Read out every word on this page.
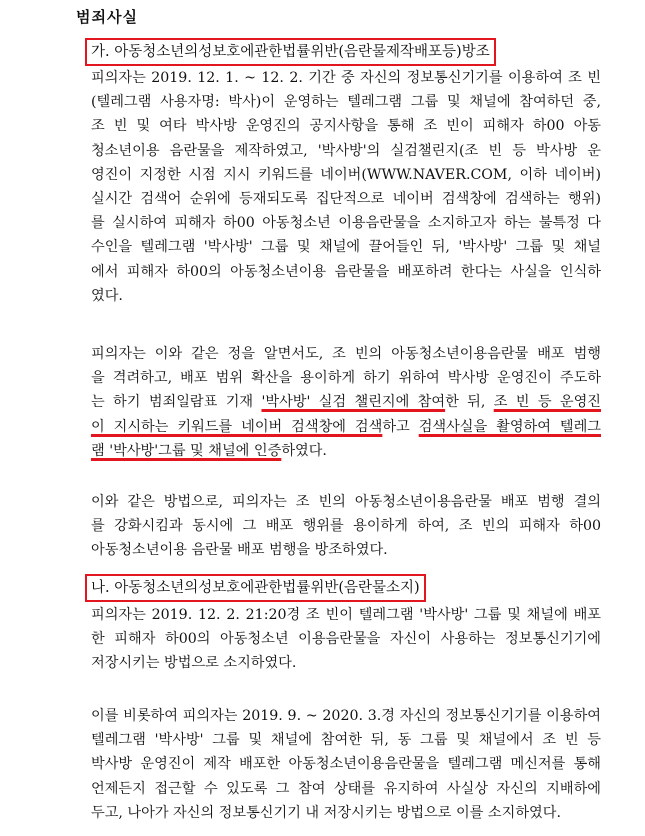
범죄사실
가. 아동청소년의성보호에관한법률위반(음란물제작배포등)방조
피의자는 2019. 12. 1. ~ 12. 2. 기간 중 자신의 정보통신기기를 이용하여 조 빈
(텔레그램 사용자명: 박사)이 운영하는 텔레그램 그룹 및 채널에 참여하던 중,
조 빈 및 여타 박사방 운영진의 공지사항을 통해 조 빈이 피해자 하00 아동
청소년이용 음란물을 제작하였고, '박사방'의 실검챌린지(조 빈 등 박사방 운
영진이 지정한 시점 지시 키워드를 네이버(WWW.NAVER.COM, 이하 네이버)
실시간 검색어 순위에 등재되도록 집단적으로 네이버 검색창에 검색하는 행위)
를 실시하여 피해자 하00 아동청소년 이용음란물을 소지하고자 하는 불특정 다
수인을 텔레그램 '박사방' 그룹 및 채널에 끌어들인 뒤, '박사방' 그룹 및 채널
에서 피해자 하00의 아동청소년이용 음란물을 배포하려 한다는 사실을 인식하
였다.
피의자는 이와 같은 정을 알면서도, 조 빈의 아동청소년이용음란물 배포 범행
을 격려하고, 배포 범위 확산을 용이하게 하기 위하여 박사방 운영진이 주도하
는 하기 범죄일람표 기재 '박사방' 실검 챌린지에 참여한 뒤, 조 빈 등 운영진
이 지시하는 키워드를 네이버 검색창에 검색하고 검색사실을 촬영하여 텔레그
램 '박사방'그룹 및 채널에 인증하였다.
이와 같은 방법으로, 피의자는 조 빈의 아동청소년이용음란물 배포 범행 결의
를 강화시킴과 동시에 그 배포 행위를 용이하게 하여, 조 빈의 피해자 하00
아동청소년이용 음란물 배포 범행을 방조하였다.
나. 아동청소년의성보호에관한법률위반(음란물소지)
피의자는 2019. 12. 2. 21:20경 조 빈이 텔레그램 '박사방' 그룹 및 채널에 배포
한 피해자 하00의 아동청소년 이용음란물을 자신이 사용하는 정보통신기기에
저장시키는 방법으로 소지하였다.
이를 비롯하여 피의자는 2019. 9. ~ 2020. 3.경 자신의 정보통신기기를 이용하여
텔레그램 '박사방' 그룹 및 채널에 참여한 뒤, 동 그룹 및 채널에서 조 빈 등
박사방 운영진이 제작 배포한 아동청소년이용음란물을 텔레그램 메신저를 통해
언제든지 접근할 수 있도록 그 참여 상태를 유지하여 사실상 자신의 지배하에
두고, 나아가 자신의 정보통신기기 내 저장시키는 방법으로 이를 소지하였다.
